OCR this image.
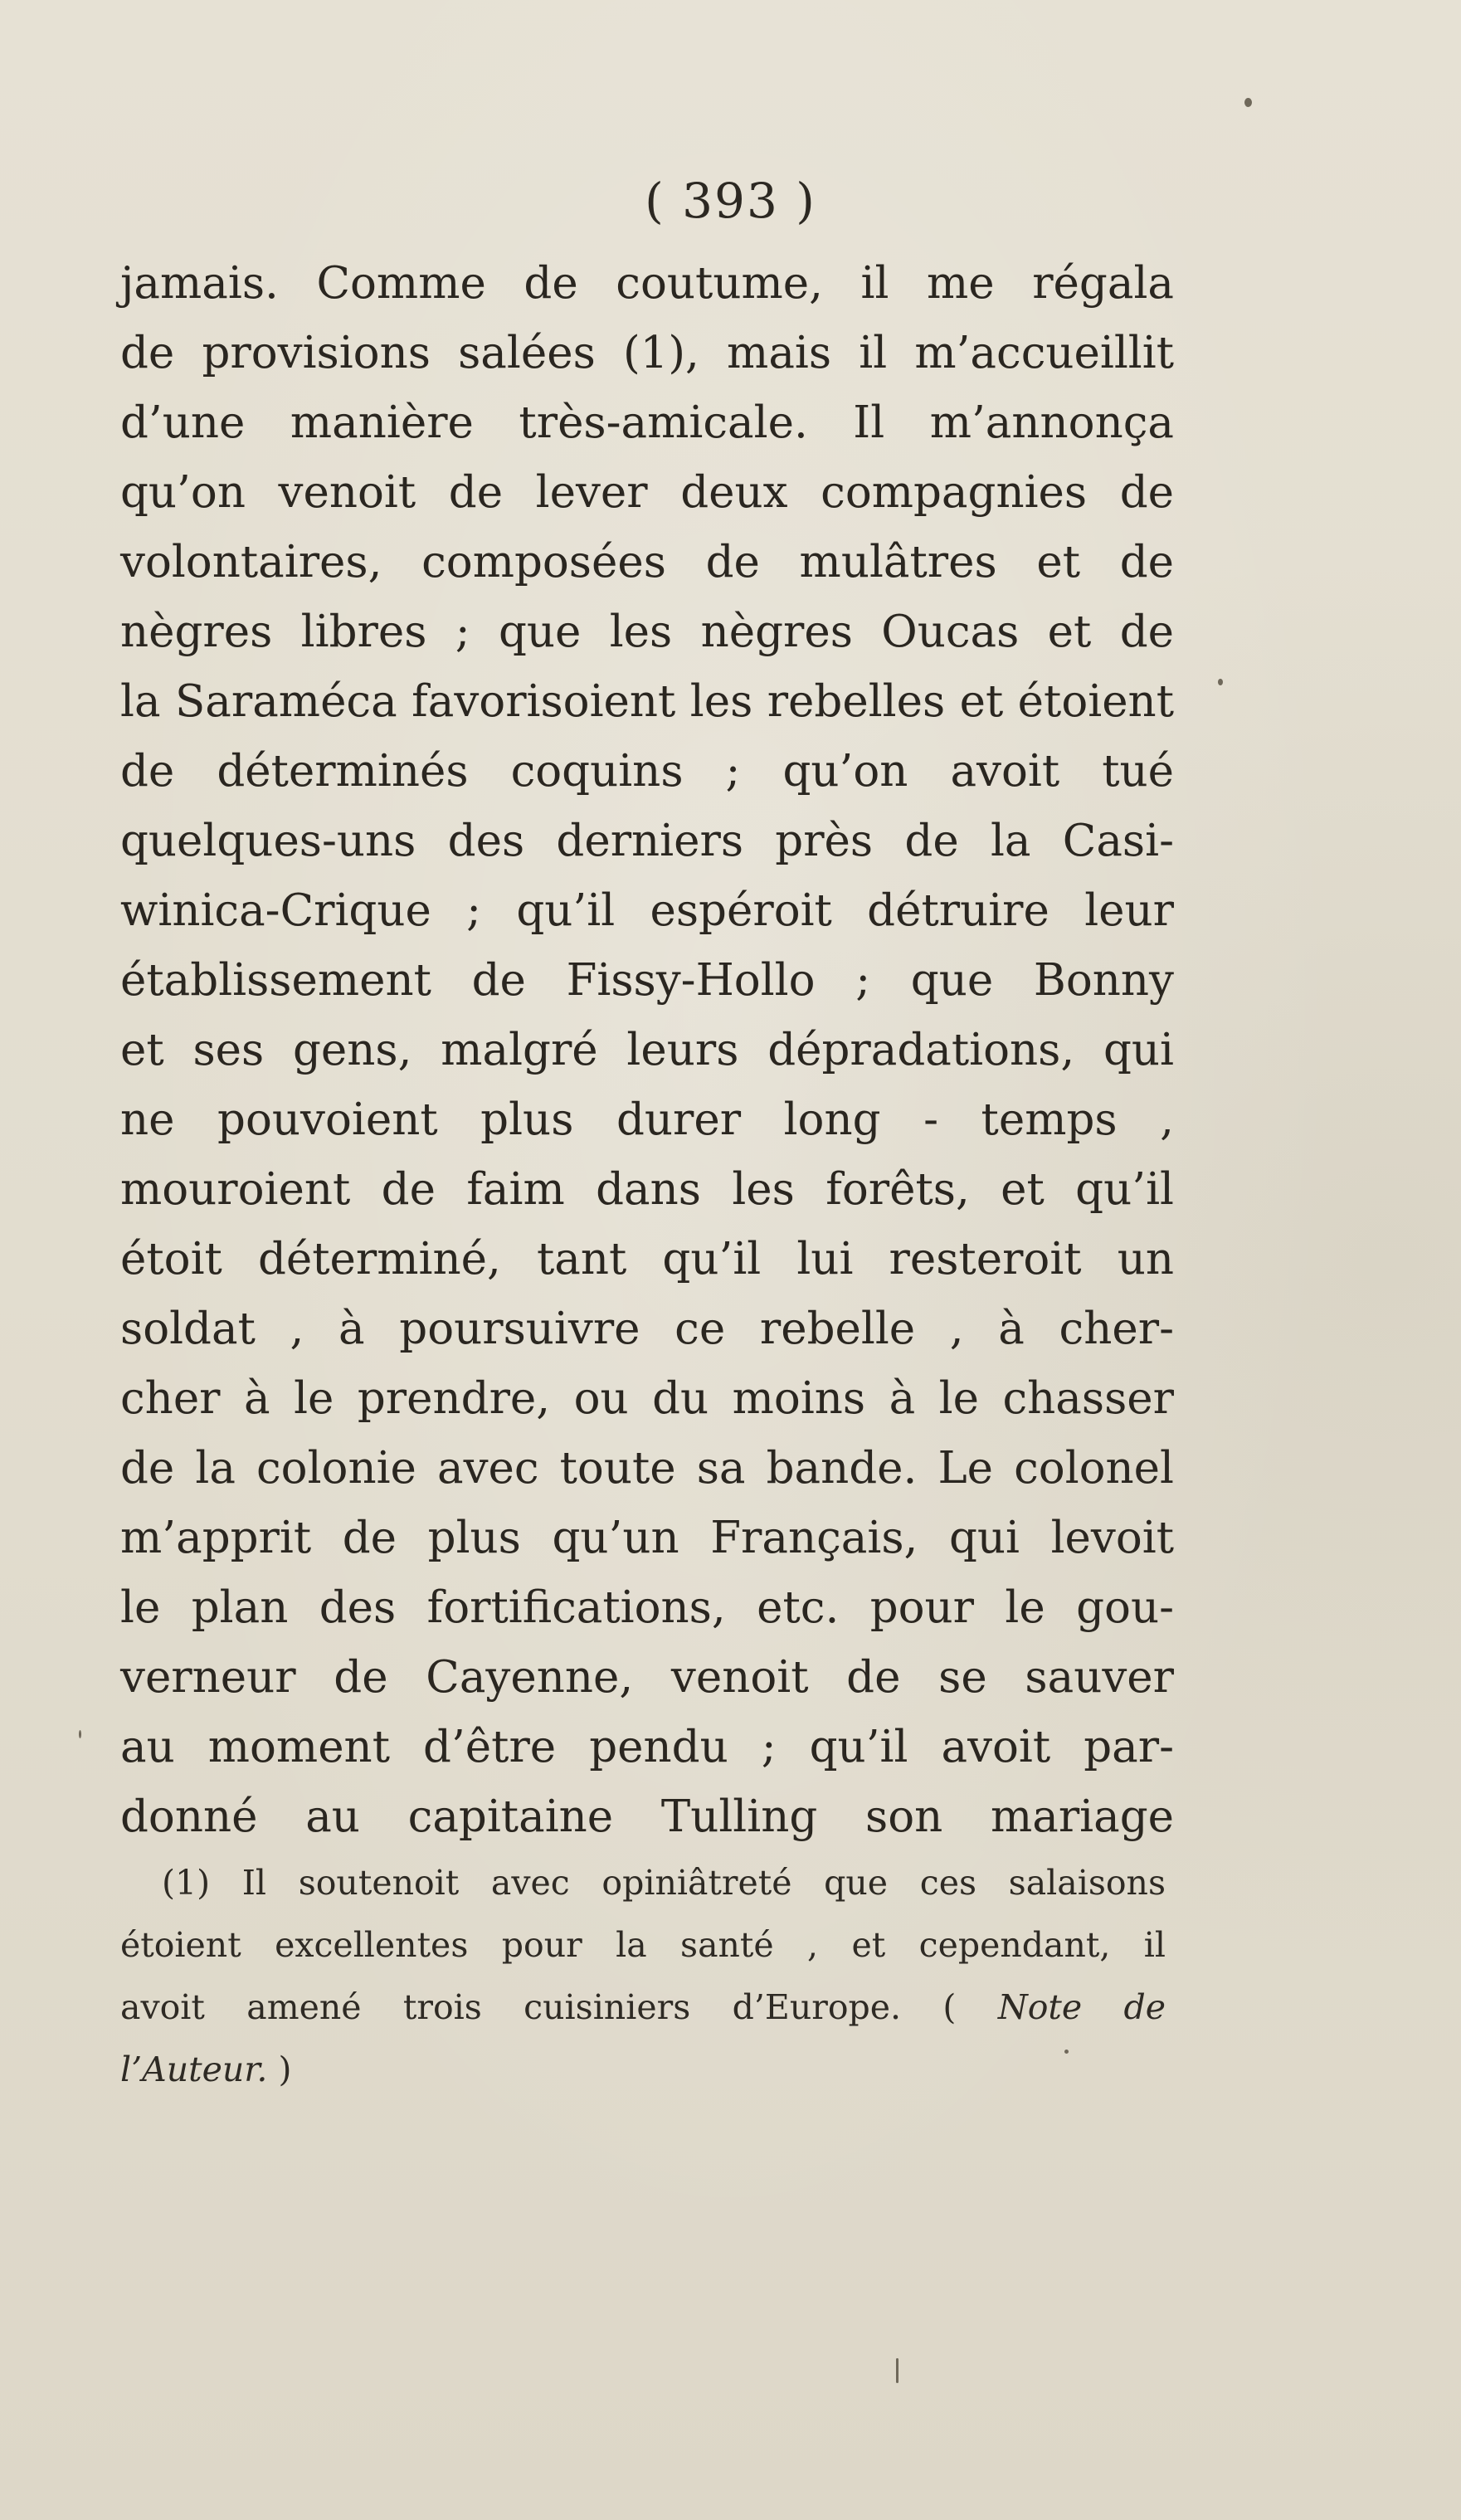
( 393 )
jamais. Comme de coutume, il me régala
de provisions salées (1), mais il m’accueillit
d’une manière très-amicale. Il m’annonça
qu’on venoit de lever deux compagnies de
volontaires, composées de mulâtres et de
nègres libres ; que les nègres Oucas et de
la Saraméca favorisoient les rebelles et étoient
de déterminés coquins ; qu’on avoit tué
quelques-uns des derniers près de la Casi-
winica-Crique ; qu’il espéroit détruire leur
établissement de Fissy-Hollo ; que Bonny
et ses gens, malgré leurs dépradations, qui
ne pouvoient plus durer long - temps ,
mouroient de faim dans les forêts, et qu’il
étoit déterminé, tant qu’il lui resteroit un
soldat , à poursuivre ce rebelle , à cher-
cher à le prendre, ou du moins à le chasser
de la colonie avec toute sa bande. Le colonel
m’apprit de plus qu’un Français, qui levoit
le plan des fortifications, etc. pour le gou-
verneur de Cayenne, venoit de se sauver
au moment d’être pendu ; qu’il avoit par-
donné au capitaine Tulling son mariage
(1) Il soutenoit avec opiniâtreté que ces salaisons
étoient excellentes pour la santé , et cependant, il
avoit amené trois cuisiniers d’Europe. ( Note de
l’Auteur. )
